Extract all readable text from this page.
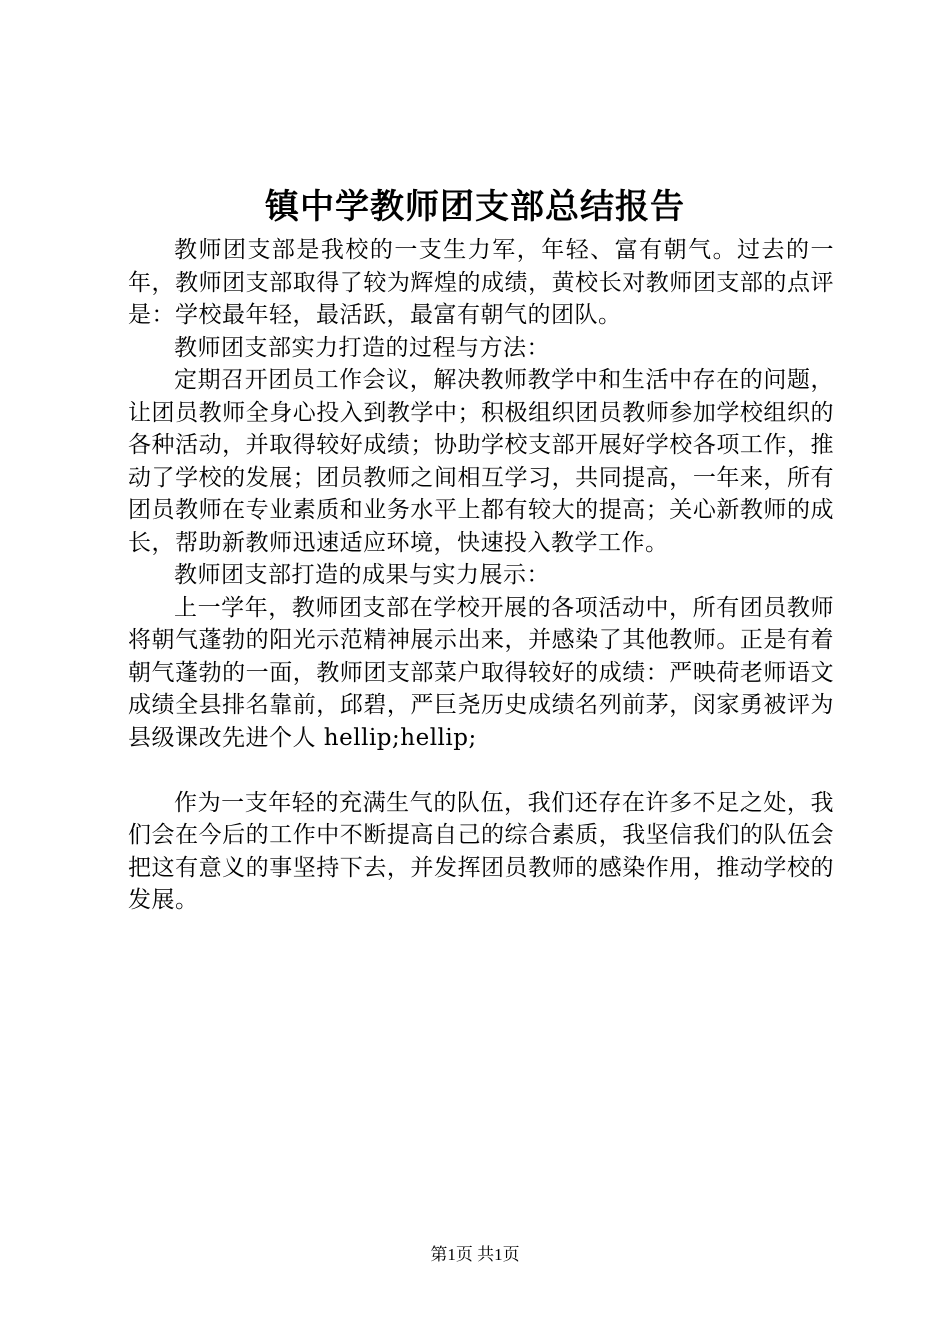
镇中学教师团支部总结报告

教师团支部是我校的一支生力军，年轻、富有朝气。过去的一年，教师团支部取得了较为辉煌的成绩，黄校长对教师团支部的点评是：学校最年轻，最活跃，最富有朝气的团队。

教师团支部实力打造的过程与方法：

定期召开团员工作会议，解决教师教学中和生活中存在的问题，让团员教师全身心投入到教学中；积极组织团员教师参加学校组织的各种活动，并取得较好成绩；协助学校支部开展好学校各项工作，推动了学校的发展；团员教师之间相互学习，共同提高，一年来，所有团员教师在专业素质和业务水平上都有较大的提高；关心新教师的成长，帮助新教师迅速适应环境，快速投入教学工作。

教师团支部打造的成果与实力展示：

上一学年，教师团支部在学校开展的各项活动中，所有团员教师将朝气蓬勃的阳光示范精神展示出来，并感染了其他教师。正是有着朝气蓬勃的一面，教师团支部菜户取得较好的成绩：严映荷老师语文成绩全县排名靠前，邱碧，严巨尧历史成绩名列前茅，闵家勇被评为县级课改先进个人 hellip;hellip;

作为一支年轻的充满生气的队伍，我们还存在许多不足之处，我们会在今后的工作中不断提高自己的综合素质，我坚信我们的队伍会把这有意义的事坚持下去，并发挥团员教师的感染作用，推动学校的发展。

第1页 共1页
